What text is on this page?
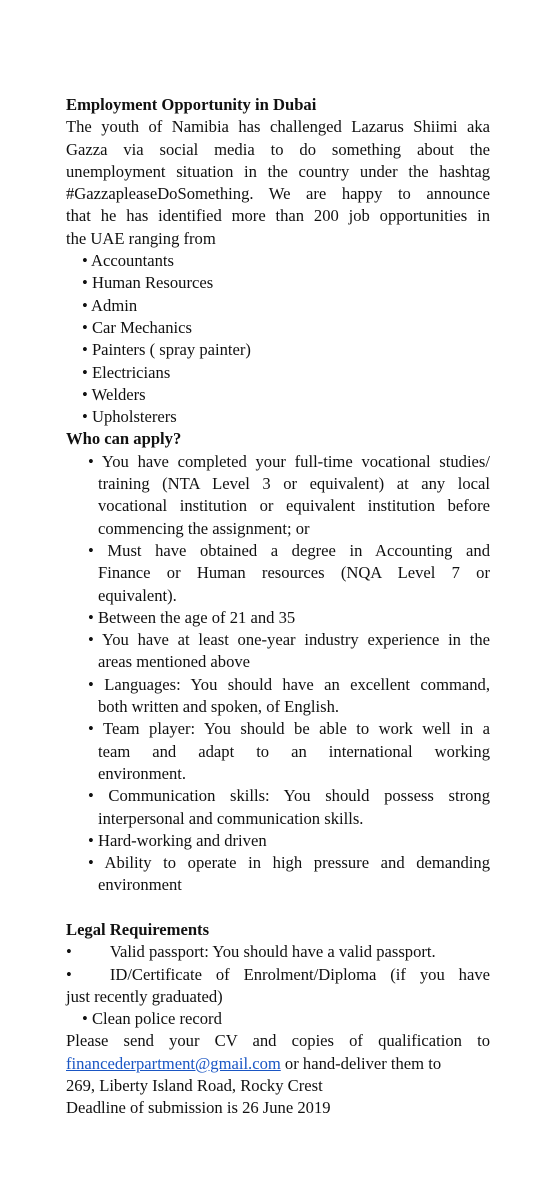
Employment Opportunity in Dubai
The youth of Namibia has challenged Lazarus Shiimi aka
Gazza via social media to do something about the
unemployment situation in the country under the hashtag
#GazzapleaseDoSomething. We are happy to announce
that he has identified more than 200 job opportunities in
the UAE ranging from
• Accountants
• Human Resources
• Admin
• Car Mechanics
• Painters ( spray painter)
• Electricians
• Welders
• Upholsterers
Who can apply?
• You have completed your full-time vocational studies/
training (NTA Level 3 or equivalent) at any local
vocational institution or equivalent institution before
commencing the assignment; or
• Must have obtained a degree in Accounting and
Finance or Human resources (NQA Level 7 or
equivalent).
• Between the age of 21 and 35
• You have at least one-year industry experience in the
areas mentioned above
• Languages: You should have an excellent command,
both written and spoken, of English.
• Team player: You should be able to work well in a
team and adapt to an international working
environment.
• Communication skills: You should possess strong
interpersonal and communication skills.
• Hard-working and driven
• Ability to operate in high pressure and demanding
environment
Legal Requirements
• Valid passport: You should have a valid passport.
• ID/Certificate of Enrolment/Diploma (if you have
just recently graduated)
• Clean police record
Please send your CV and copies of qualification to
financederpartment@gmail.com or hand-deliver them to
269, Liberty Island Road, Rocky Crest
Deadline of submission is 26 June 2019
